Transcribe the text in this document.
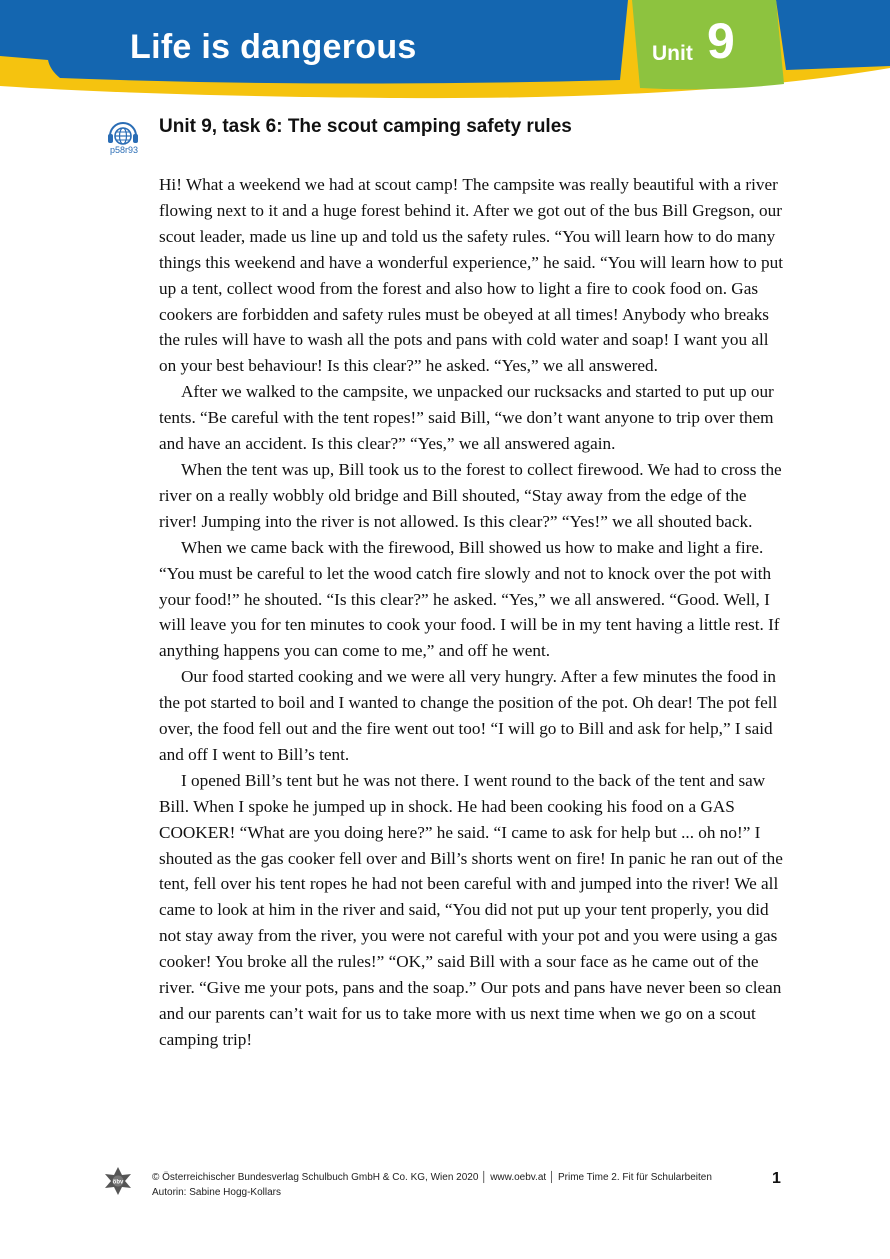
Life is dangerous	Unit 9
p58r93
Unit 9, task 6: The scout camping safety rules

Hi! What a weekend we had at scout camp! The campsite was really beautiful with a river flowing next to it and a huge forest behind it. After we got out of the bus Bill Gregson, our scout leader, made us line up and told us the safety rules. “You will learn how to do many things this weekend and have a wonderful experience,” he said. “You will learn how to put up a tent, collect wood from the forest and also how to light a fire to cook food on. Gas cookers are forbidden and safety rules must be obeyed at all times! Anybody who breaks the rules will have to wash all the pots and pans with cold water and soap! I want you all on your best behaviour! Is this clear?” he asked. “Yes,” we all answered.

After we walked to the campsite, we unpacked our rucksacks and started to put up our tents. “Be careful with the tent ropes!” said Bill, “we don’t want anyone to trip over them and have an accident. Is this clear?” “Yes,” we all answered again.

When the tent was up, Bill took us to the forest to collect firewood. We had to cross the river on a really wobbly old bridge and Bill shouted, “Stay away from the edge of the river! Jumping into the river is not allowed. Is this clear?” “Yes!” we all shouted back.

When we came back with the firewood, Bill showed us how to make and light a fire. “You must be careful to let the wood catch fire slowly and not to knock over the pot with your food!” he shouted. “Is this clear?” he asked. “Yes,” we all answered. “Good. Well, I will leave you for ten minutes to cook your food. I will be in my tent having a little rest. If anything happens you can come to me,” and off he went.

Our food started cooking and we were all very hungry. After a few minutes the food in the pot started to boil and I wanted to change the position of the pot. Oh dear! The pot fell over, the food fell out and the fire went out too! “I will go to Bill and ask for help,” I said and off I went to Bill’s tent.

I opened Bill’s tent but he was not there. I went round to the back of the tent and saw Bill. When I spoke he jumped up in shock. He had been cooking his food on a GAS COOKER! “What are you doing here?” he said. “I came to ask for help but ... oh no!” I shouted as the gas cooker fell over and Bill’s shorts went on fire! In panic he ran out of the tent, fell over his tent ropes he had not been careful with and jumped into the river! We all came to look at him in the river and said, “You did not put up your tent properly, you did not stay away from the river, you were not careful with your pot and you were using a gas cooker! You broke all the rules!” “OK,” said Bill with a sour face as he came out of the river. “Give me your pots, pans and the soap.” Our pots and pans have never been so clean and our parents can’t wait for us to take more with us next time when we go on a scout camping trip!

öbv	© Österreichischer Bundesverlag Schulbuch GmbH & Co. KG, Wien 2020 │ www.oebv.at │ Prime Time 2. Fit für Schularbeiten
Autorin: Sabine Hogg-Kollars
1
